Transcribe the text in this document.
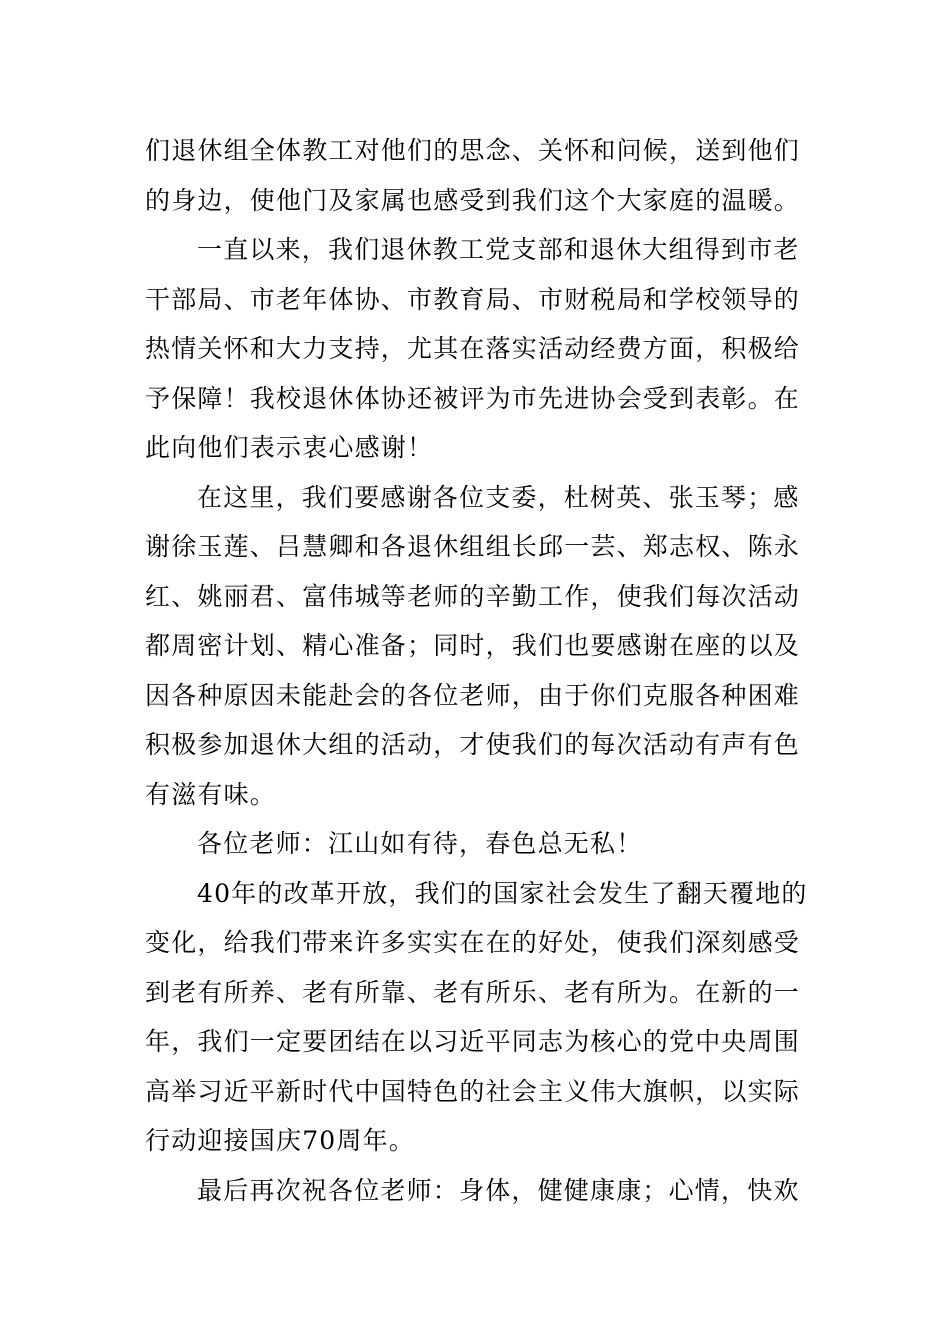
们退休组全体教工对他们的思念、关怀和问候，送到他们
的身边，使他门及家属也感受到我们这个大家庭的温暖。
一直以来，我们退休教工党支部和退休大组得到市老
干部局、市老年体协、市教育局、市财税局和学校领导的
热情关怀和大力支持，尤其在落实活动经费方面，积极给
予保障！我校退休体协还被评为市先进协会受到表彰。在
此向他们表示衷心感谢！
在这里，我们要感谢各位支委，杜树英、张玉琴；感
谢徐玉莲、吕慧卿和各退休组组长邱一芸、郑志权、陈永
红、姚丽君、富伟城等老师的辛勤工作，使我们每次活动
都周密计划、精心准备；同时，我们也要感谢在座的以及
因各种原因未能赴会的各位老师，由于你们克服各种困难
积极参加退休大组的活动，才使我们的每次活动有声有色
有滋有味。
各位老师：江山如有待，春色总无私！
40年的改革开放，我们的国家社会发生了翻天覆地的
变化，给我们带来许多实实在在的好处，使我们深刻感受
到老有所养、老有所靠、老有所乐、老有所为。在新的一
年，我们一定要团结在以习近平同志为核心的党中央周围
高举习近平新时代中国特色的社会主义伟大旗帜，以实际
行动迎接国庆70周年。
最后再次祝各位老师：身体，健健康康；心情，快欢
